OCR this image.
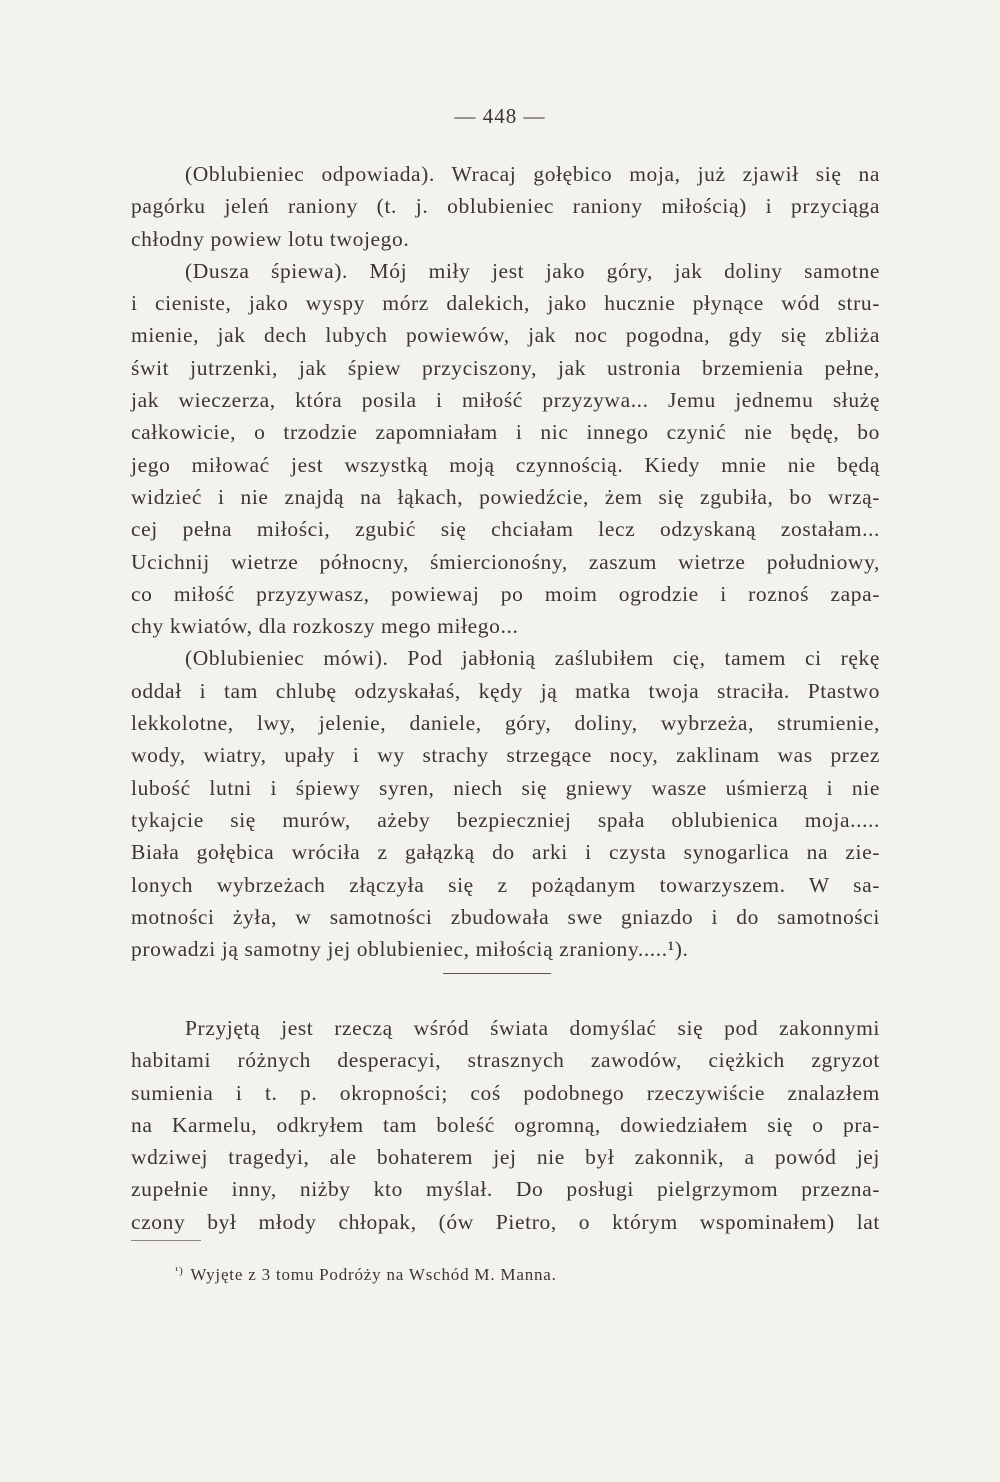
— 448 —
(Oblubieniec odpowiada). Wracaj gołębico moja, już zjawił się na
pagórku jeleń raniony (t. j. oblubieniec raniony miłością) i przyciąga
chłodny powiew lotu twojego.
(Dusza śpiewa). Mój miły jest jako góry, jak doliny samotne
i cieniste, jako wyspy mórz dalekich, jako hucznie płynące wód stru-
mienie, jak dech lubych powiewów, jak noc pogodna, gdy się zbliża
świt jutrzenki, jak śpiew przyciszony, jak ustronia brzemienia pełne,
jak wieczerza, która posila i miłość przyzywa... Jemu jednemu służę
całkowicie, o trzodzie zapomniałam i nic innego czynić nie będę, bo
jego miłować jest wszystką moją czynnością. Kiedy mnie nie będą
widzieć i nie znajdą na łąkach, powiedźcie, żem się zgubiła, bo wrzą-
cej pełna miłości, zgubić się chciałam lecz odzyskaną zostałam...
Ucichnij wietrze północny, śmiercionośny, zaszum wietrze południowy,
co miłość przyzywasz, powiewaj po moim ogrodzie i roznoś zapa-
chy kwiatów, dla rozkoszy mego miłego...
(Oblubieniec mówi). Pod jabłonią zaślubiłem cię, tamem ci rękę
oddał i tam chlubę odzyskałaś, kędy ją matka twoja straciła. Ptastwo
lekkolotne, lwy, jelenie, daniele, góry, doliny, wybrzeża, strumienie,
wody, wiatry, upały i wy strachy strzegące nocy, zaklinam was przez
lubość lutni i śpiewy syren, niech się gniewy wasze uśmierzą i nie
tykajcie się murów, ażeby bezpieczniej spała oblubienica moja.....
Biała gołębica wróciła z gałązką do arki i czysta synogarlica na zie-
lonych wybrzeżach złączyła się z pożądanym towarzyszem. W sa-
motności żyła, w samotności zbudowała swe gniazdo i do samotności
prowadzi ją samotny jej oblubieniec, miłością zraniony.....¹).
Przyjętą jest rzeczą wśród świata domyślać się pod zakonnymi
habitami różnych desperacyi, strasznych zawodów, ciężkich zgryzot
sumienia i t. p. okropności; coś podobnego rzeczywiście znalazłem
na Karmelu, odkryłem tam boleść ogromną, dowiedziałem się o pra-
wdziwej tragedyi, ale bohaterem jej nie był zakonnik, a powód jej
zupełnie inny, niżby kto myślał. Do posługi pielgrzymom przezna-
czony był młody chłopak, (ów Pietro, o którym wspominałem) lat
$^{^1)}$ Wyjęte z 3 tomu Podróży na Wschód M. Manna.
